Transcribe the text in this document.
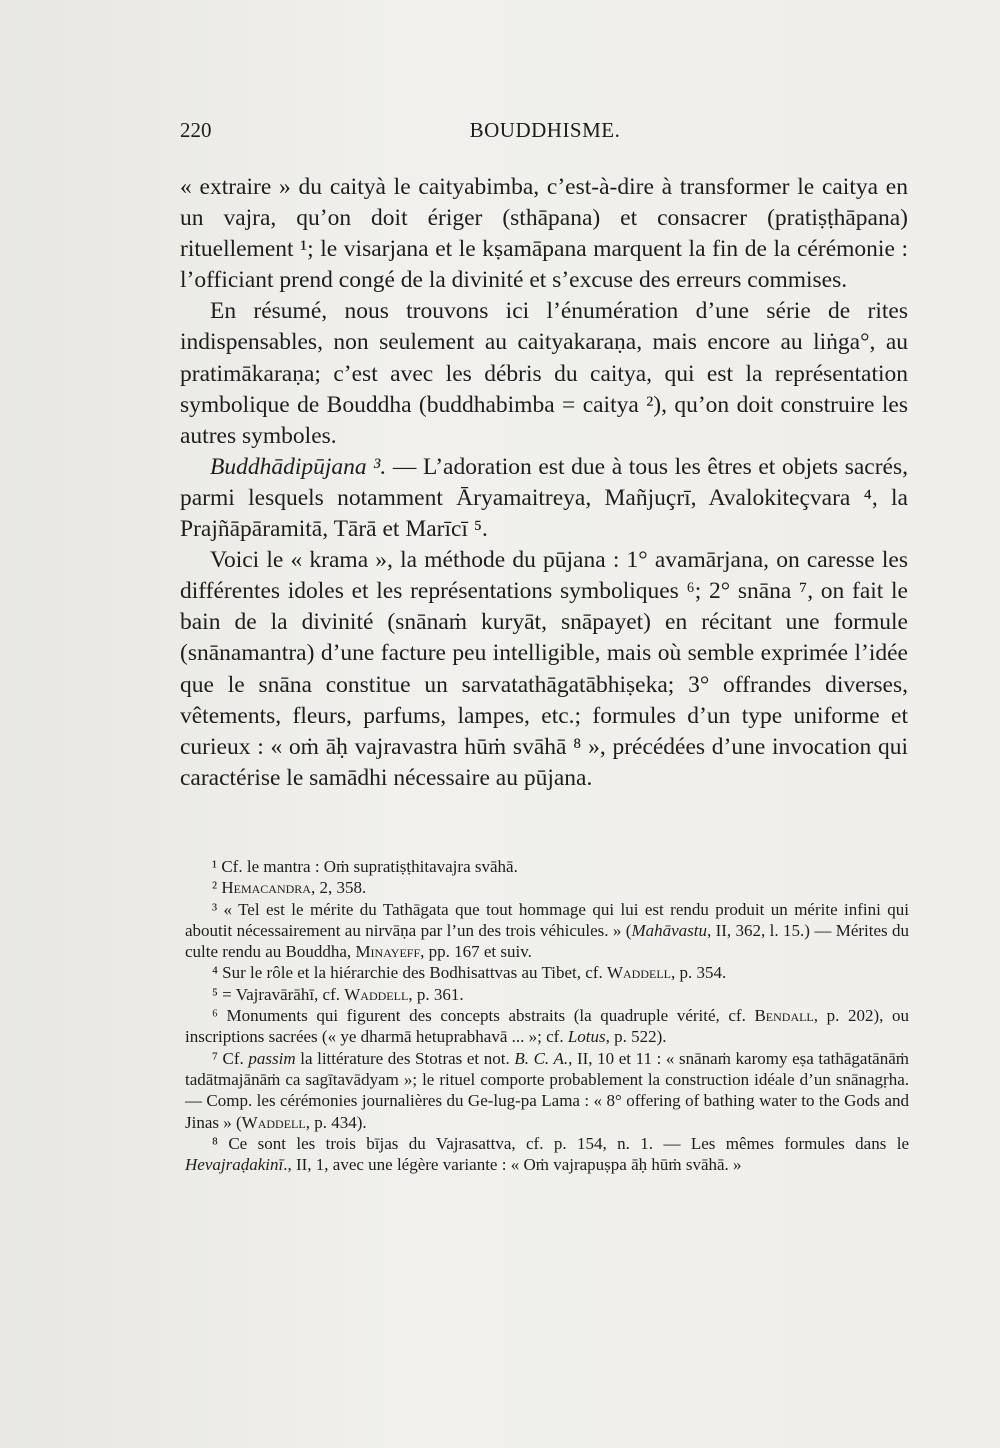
220	BOUDDHISME.

« extraire » du caityà le caityabimba, c’est-à-dire à transformer le caitya en un vajra, qu’on doit ériger (sthāpana) et consacrer (pratiṣṭhāpana) rituellement ¹; le visarjana et le kṣamāpana marquent la fin de la cérémonie : l’officiant prend congé de la divinité et s’excuse des erreurs commises.

En résumé, nous trouvons ici l’énumération d’une série de rites indispensables, non seulement au caityakaraṇa, mais encore au liṅga°, au pratimākaraṇa; c’est avec les débris du caitya, qui est la représentation symbolique de Bouddha (buddhabimba = caitya ²), qu’on doit construire les autres symboles.

Buddhādipūjana ³. — L’adoration est due à tous les êtres et objets sacrés, parmi lesquels notamment Āryamaitreya, Mañjuçrī, Avalokiteçvara ⁴, la Prajñāpāramitā, Tārā et Marīcī ⁵.

Voici le « krama », la méthode du pūjana : 1° avamārjana, on caresse les différentes idoles et les représentations symboliques ⁶; 2° snāna ⁷, on fait le bain de la divinité (snānaṁ kuryāt, snāpayet) en récitant une formule (snānamantra) d’une facture peu intelligible, mais où semble exprimée l’idée que le snāna constitue un sarvatathāgatābhiṣeka; 3° offrandes diverses, vêtements, fleurs, parfums, lampes, etc.; formules d’un type uniforme et curieux : « oṁ āḥ vajravastra hūṁ svāhā ⁸ », précédées d’une invocation qui caractérise le samādhi nécessaire au pūjana.

¹ Cf. le mantra : Oṁ supratiṣṭhitavajra svāhā.

² Hemacandra, 2, 358.

³ « Tel est le mérite du Tathāgata que tout hommage qui lui est rendu produit un mérite infini qui aboutit nécessairement au nirvāṇa par l’un des trois véhicules. » (Mahāvastu, II, 362, l. 15.) — Mérites du culte rendu au Bouddha, Minayeff, pp. 167 et suiv.

⁴ Sur le rôle et la hiérarchie des Bodhisattvas au Tibet, cf. Waddell, p. 354.

⁵ = Vajravārāhī, cf. Waddell, p. 361.

⁶ Monuments qui figurent des concepts abstraits (la quadruple vérité, cf. Bendall, p. 202), ou inscriptions sacrées (« ye dharmā hetuprabhavā ... »; cf. Lotus, p. 522).

⁷ Cf. passim la littérature des Stotras et not. B. C. A., II, 10 et 11 : « snānaṁ karomy eṣa tathāgatānāṁ tadātmajānāṁ ca sagītavādyam »; le rituel comporte probablement la construction idéale d’un snānagṛha. — Comp. les cérémonies journalières du Ge-lug-pa Lama : « 8° offering of bathing water to the Gods and Jinas » (Waddell, p. 434).

⁸ Ce sont les trois bījas du Vajrasattva, cf. p. 154, n. 1. — Les mêmes formules dans le Hevajraḍakinī., II, 1, avec une légère variante : « Oṁ vajrapuṣpa āḥ hūṁ svāhā. »
